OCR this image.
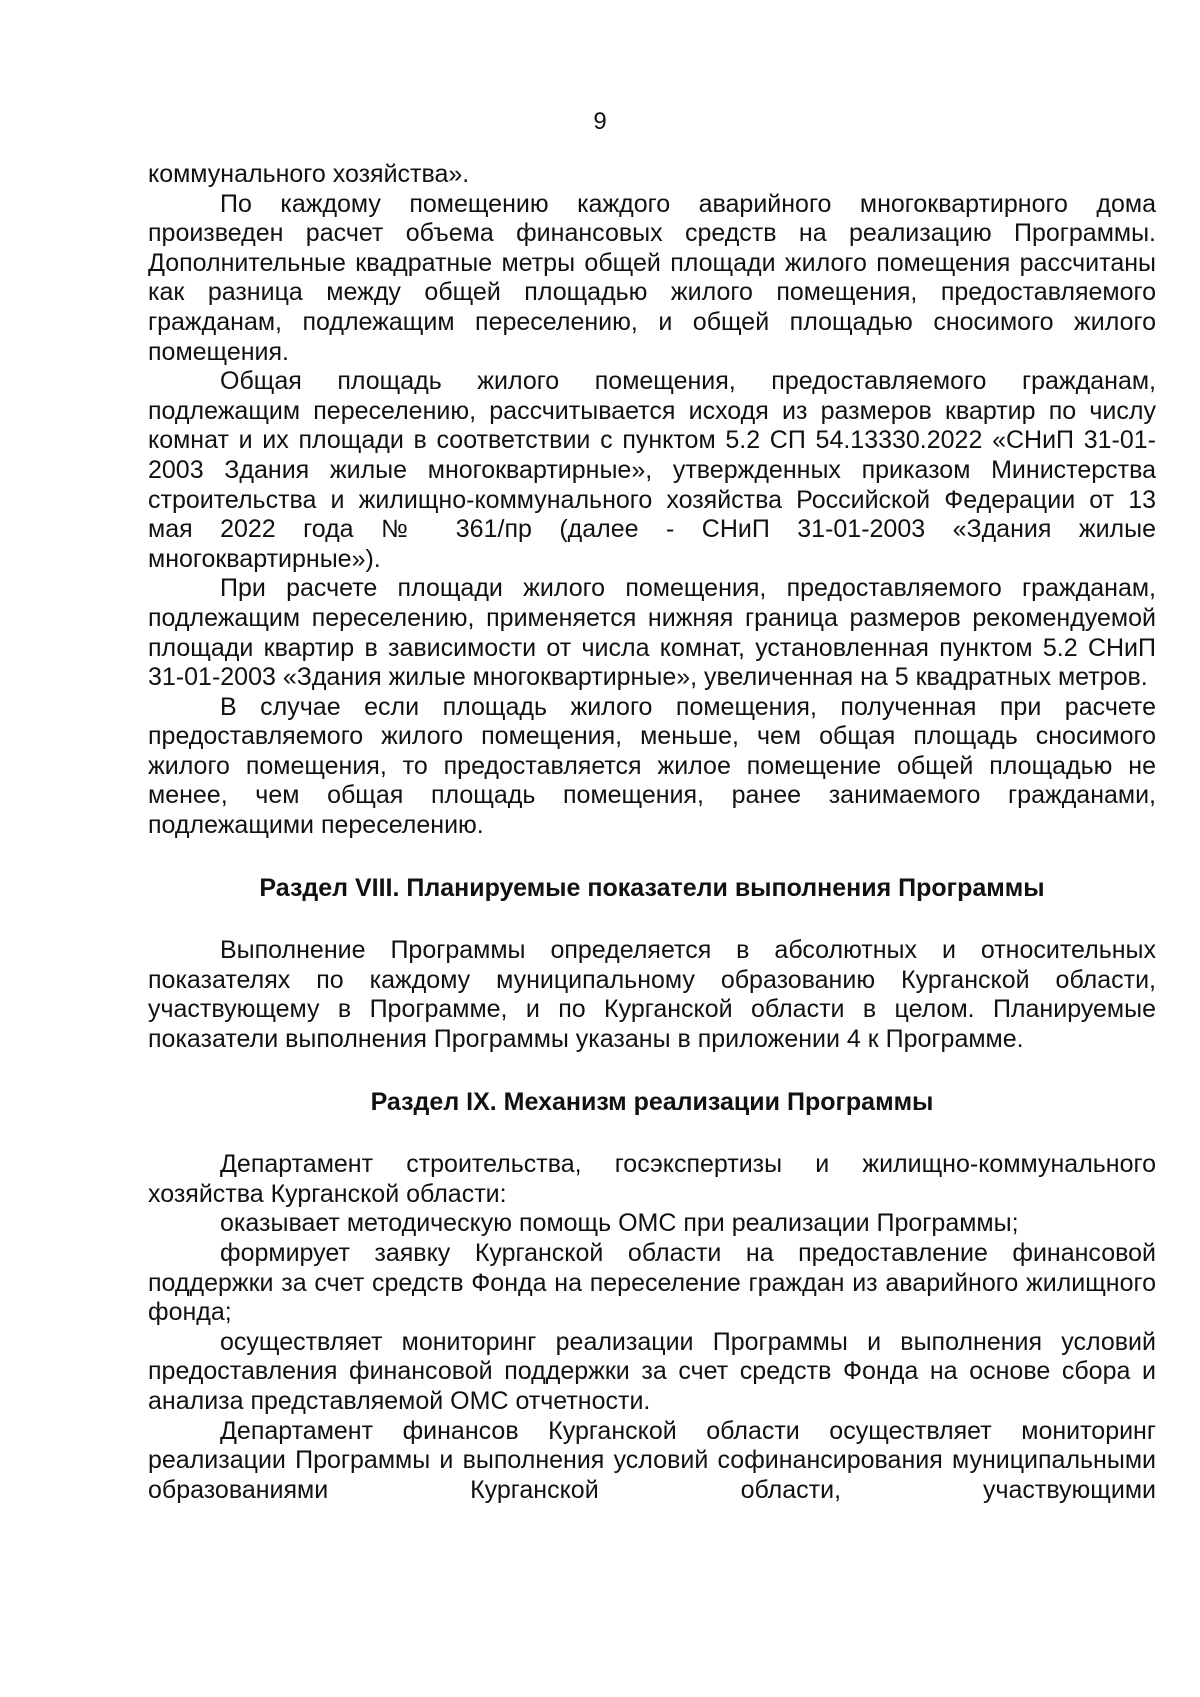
9

коммунального хозяйства».

По каждому помещению каждого аварийного многоквартирного дома произведен расчет объема финансовых средств на реализацию Программы. Дополнительные квадратные метры общей площади жилого помещения рассчитаны как разница между общей площадью жилого помещения, предоставляемого гражданам, подлежащим переселению, и общей площадью сносимого жилого помещения.

Общая площадь жилого помещения, предоставляемого гражданам, подлежащим переселению, рассчитывается исходя из размеров квартир по числу комнат и их площади в соответствии с пунктом 5.2 СП 54.13330.2022 «СНиП 31-01-2003 Здания жилые многоквартирные», утвержденных приказом Министерства строительства и жилищно-коммунального хозяйства Российской Федерации от 13 мая 2022 года № 361/пр (далее - СНиП 31-01-2003 «Здания жилые многоквартирные»).

При расчете площади жилого помещения, предоставляемого гражданам, подлежащим переселению, применяется нижняя граница размеров рекомендуемой площади квартир в зависимости от числа комнат, установленная пунктом 5.2 СНиП 31-01-2003 «Здания жилые многоквартирные», увеличенная на 5 квадратных метров.

В случае если площадь жилого помещения, полученная при расчете предоставляемого жилого помещения, меньше, чем общая площадь сносимого жилого помещения, то предоставляется жилое помещение общей площадью не менее, чем общая площадь помещения, ранее занимаемого гражданами, подлежащими переселению.

Раздел VIII. Планируемые показатели выполнения Программы

Выполнение Программы определяется в абсолютных и относительных показателях по каждому муниципальному образованию Курганской области, участвующему в Программе, и по Курганской области в целом. Планируемые показатели выполнения Программы указаны в приложении 4 к Программе.

Раздел IX. Механизм реализации Программы

Департамент строительства, госэкспертизы и жилищно-коммунального хозяйства Курганской области:

оказывает методическую помощь ОМС при реализации Программы;

формирует заявку Курганской области на предоставление финансовой поддержки за счет средств Фонда на переселение граждан из аварийного жилищного фонда;

осуществляет мониторинг реализации Программы и выполнения условий предоставления финансовой поддержки за счет средств Фонда на основе сбора и анализа представляемой ОМС отчетности.

Департамент финансов Курганской области осуществляет мониторинг реализации Программы и выполнения условий софинансирования муниципальными образованиями Курганской области, участвующими
